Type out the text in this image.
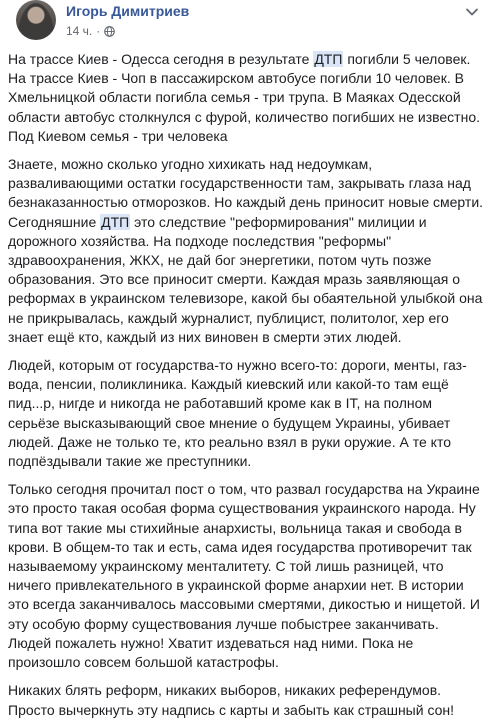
Игорь Димитриев
14 ч. ·

На трассе Киев - Одесса сегодня в результате ДТП погибли 5 человек.
На трассе Киев - Чоп в пассажирском автобусе погибли 10 человек. В Хмельницкой области погибла семья - три трупа. В Маяках Одесской области автобус столкнулся с фурой, количество погибших не известно. Под Киевом семья - три человека

Знаете, можно сколько угодно хихикать над недоумкам, разваливающими остатки государственности там, закрывать глаза над безнаказанностью отморозков. Но каждый день приносит новые смерти. Сегодняшние ДТП это следствие "реформирования" милиции и дорожного хозяйства. На подходе последствия "реформы" здравоохранения, ЖКХ, не дай бог энергетики, потом чуть позже образования. Это все приносит смерти. Каждая мразь заявляющая о реформах в украинском телевизоре, какой бы обаятельной улыбкой она не прикрывалась, каждый журналист, публицист, политолог, хер его знает ещё кто, каждый из них виновен в смерти этих людей.

Людей, которым от государства-то нужно всего-то: дороги, менты, газ-вода, пенсии, поликлиника. Каждый киевский или какой-то там ещё пид...р, нигде и никогда не работавший кроме как в IT, на полном серьёзе высказывающий свое мнение о будущем Украины, убивает людей. Даже не только те, кто реально взял в руки оружие. А те кто подпёздывали такие же преступники.

Только сегодня прочитал пост о том, что развал государства на Украине это просто такая особая форма существования украинского народа. Ну типа вот такие мы стихийные анархисты, вольница такая и свобода в крови. В общем-то так и есть, сама идея государства противоречит так называемому украинскому менталитету. С той лишь разницей, что ничего привлекательного в украинской форме анархии нет. В истории это всегда заканчивалось массовыми смертями, дикостью и нищетой. И эту особую форму существования лучше побыстрее заканчивать. Людей пожалеть нужно! Хватит издеваться над ними. Пока не произошло совсем большой катастрофы.

Никаких блять реформ, никаких выборов, никаких референдумов. Просто вычеркнуть эту надпись с карты и забыть как страшный сон!
